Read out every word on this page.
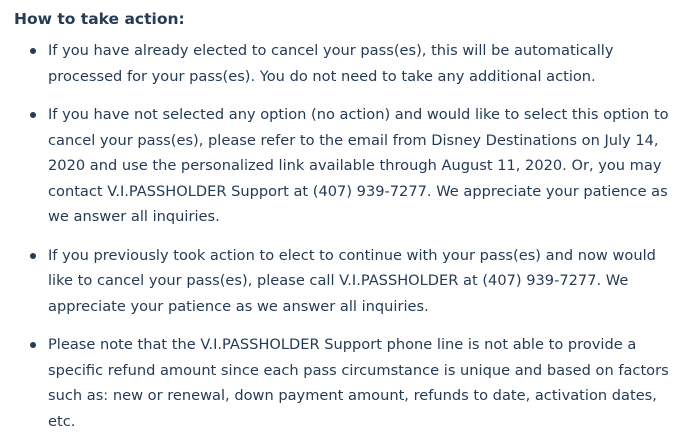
How to take action:
If you have already elected to cancel your pass(es), this will be automatically processed for your pass(es). You do not need to take any additional action.
If you have not selected any option (no action) and would like to select this option to cancel your pass(es), please refer to the email from Disney Destinations on July 14, 2020 and use the personalized link available through August 11, 2020. Or, you may contact V.I.PASSHOLDER Support at (407) 939-7277. We appreciate your patience as we answer all inquiries.
If you previously took action to elect to continue with your pass(es) and now would like to cancel your pass(es), please call V.I.PASSHOLDER at (407) 939-7277. We appreciate your patience as we answer all inquiries.
Please note that the V.I.PASSHOLDER Support phone line is not able to provide a specific refund amount since each pass circumstance is unique and based on factors such as: new or renewal, down payment amount, refunds to date, activation dates, etc.
